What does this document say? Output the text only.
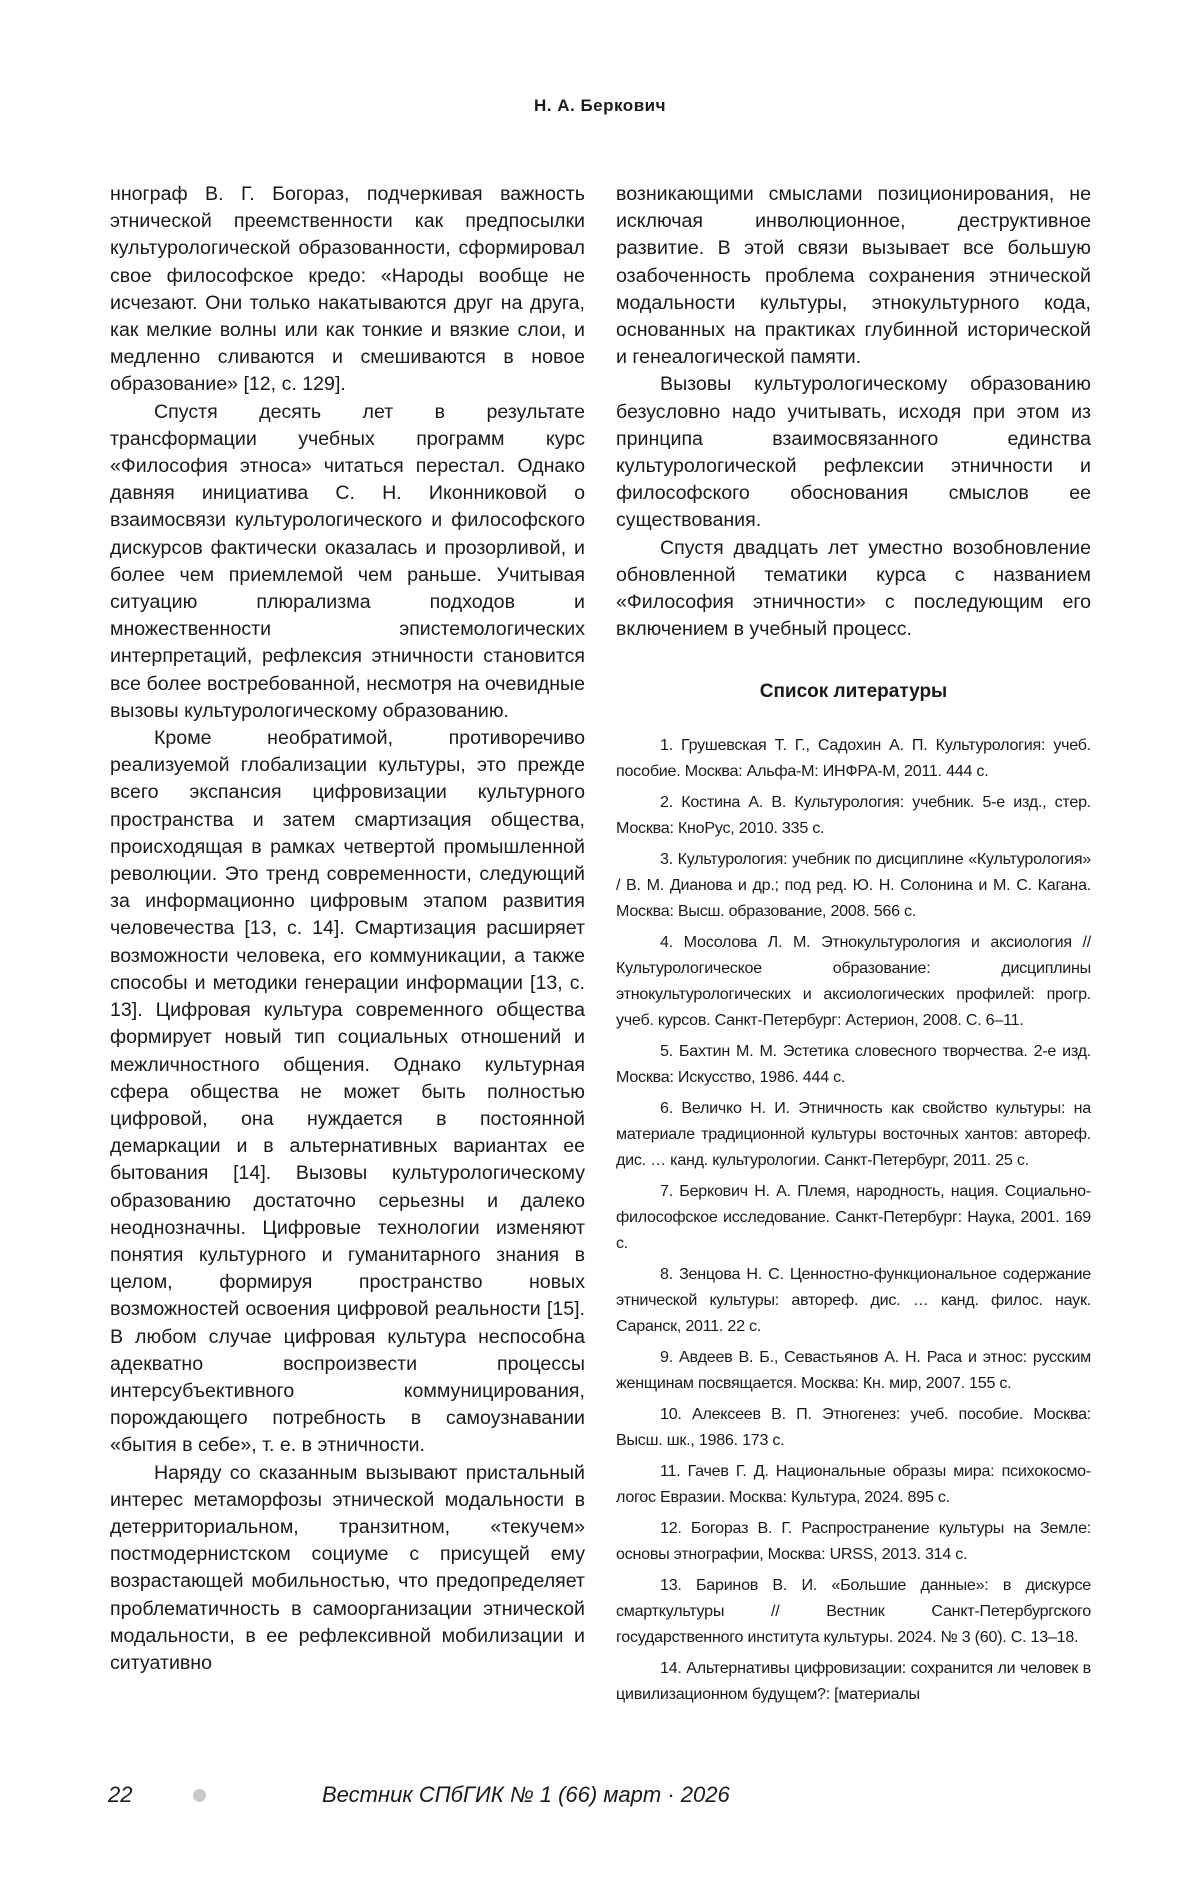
Н. А. Беркович

ннограф В. Г. Богораз, подчеркивая важность этнической преемственности как предпосылки культурологической образованности, сформировал свое философское кредо: «Народы вообще не исчезают. Они только накатываются друг на друга, как мелкие волны или как тонкие и вязкие слои, и медленно сливаются и смешиваются в новое образование» [12, с. 129].

Спустя десять лет в результате трансформации учебных программ курс «Философия этноса» читаться перестал. Однако давняя инициатива С. Н. Иконниковой о взаимосвязи культурологического и философского дискурсов фактически оказалась и прозорливой, и более чем приемлемой чем раньше. Учитывая ситуацию плюрализма подходов и множественности эпистемологических интерпретаций, рефлексия этничности становится все более востребованной, несмотря на очевидные вызовы культурологическому образованию.

Кроме необратимой, противоречиво реализуемой глобализации культуры, это прежде всего экспансия цифровизации культурного пространства и затем смартизация общества, происходящая в рамках четвертой промышленной революции. Это тренд современности, следующий за информационно цифровым этапом развития человечества [13, с. 14]. Смартизация расширяет возможности человека, его коммуникации, а также способы и методики генерации информации [13, с. 13]. Цифровая культура современного общества формирует новый тип социальных отношений и межличностного общения. Однако культурная сфера общества не может быть полностью цифровой, она нуждается в постоянной демаркации и в альтернативных вариантах ее бытования [14]. Вызовы культурологическому образованию достаточно серьезны и далеко неоднозначны. Цифровые технологии изменяют понятия культурного и гуманитарного знания в целом, формируя пространство новых возможностей освоения цифровой реальности [15]. В любом случае цифровая культура неспособна адекватно воспроизвести процессы интерсубъективного коммуницирования, порождающего потребность в самоузнавании «бытия в себе», т. е. в этничности.

Наряду со сказанным вызывают пристальный интерес метаморфозы этнической модальности в детерриториальном, транзитном, «текучем» постмодернистском социуме с присущей ему возрастающей мобильностью, что предопределяет проблематичность в самоорганизации этнической модальности, в ее рефлексивной мобилизации и ситуативно

возникающими смыслами позиционирования, не исключая инволюционное, деструктивное развитие. В этой связи вызывает все большую озабоченность проблема сохранения этнической модальности культуры, этнокультурного кода, основанных на практиках глубинной исторической и генеалогической памяти.

Вызовы культурологическому образованию безусловно надо учитывать, исходя при этом из принципа взаимосвязанного единства культурологической рефлексии этничности и философского обоснования смыслов ее существования.

Спустя двадцать лет уместно возобновление обновленной тематики курса с названием «Философия этничности» с последующим его включением в учебный процесс.

Список литературы

1. Грушевская Т. Г., Садохин А. П. Культурология: учеб. пособие. Москва: Альфа-М: ИНФРА-М, 2011. 444 с.

2. Костина А. В. Культурология: учебник. 5-е изд., стер. Москва: КноРус, 2010. 335 с.

3. Культурология: учебник по дисциплине «Культурология» / В. М. Дианова и др.; под ред. Ю. Н. Солонина и М. С. Кагана. Москва: Высш. образование, 2008. 566 с.

4. Мосолова Л. М. Этнокультурология и аксиология // Культурологическое образование: дисциплины этнокультурологических и аксиологических профилей: прогр. учеб. курсов. Санкт-Петербург: Астерион, 2008. С. 6–11.

5. Бахтин М. М. Эстетика словесного творчества. 2-е изд. Москва: Искусство, 1986. 444 с.

6. Величко Н. И. Этничность как свойство культуры: на материале традиционной культуры восточных хантов: автореф. дис. … канд. культурологии. Санкт-Петербург, 2011. 25 с.

7. Беркович Н. А. Племя, народность, нация. Социально-философское исследование. Санкт-Петербург: Наука, 2001. 169 с.

8. Зенцова Н. С. Ценностно-функциональное содержание этнической культуры: автореф. дис. … канд. филос. наук. Саранск, 2011. 22 с.

9. Авдеев В. Б., Севастьянов А. Н. Раса и этнос: русским женщинам посвящается. Москва: Кн. мир, 2007. 155 с.

10. Алексеев В. П. Этногенез: учеб. пособие. Москва: Высш. шк., 1986. 173 с.

11. Гачев Г. Д. Национальные образы мира: психокосмо-логос Евразии. Москва: Культура, 2024. 895 с.

12. Богораз В. Г. Распространение культуры на Земле: основы этнографии, Москва: URSS, 2013. 314 с.

13. Баринов В. И. «Большие данные»: в дискурсе смарткультуры // Вестник Санкт-Петербургского государственного института культуры. 2024. № 3 (60). С. 13–18.

14. Альтернативы цифровизации: сохранится ли человек в цивилизационном будущем?: [материалы

22	Вестник СПбГИК № 1 (66) март · 2026
